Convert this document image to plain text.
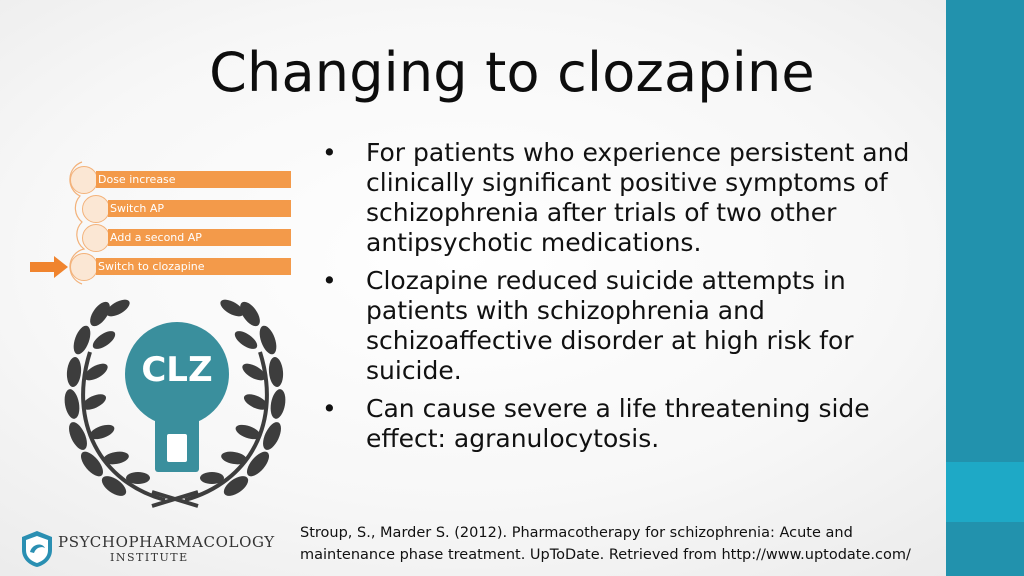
Changing to clozapine
Dose increase
Switch AP
Add a second AP
Switch to clozapine
CLZ
• For patients who experience persistent and clinically significant positive symptoms of schizophrenia after trials of two other antipsychotic medications.
• Clozapine reduced suicide attempts in patients with schizophrenia and schizoaffective disorder at high risk for suicide.
• Can cause severe a life threatening side effect: agranulocytosis.
Stroup, S., Marder S. (2012). Pharmacotherapy for schizophrenia: Acute and maintenance phase treatment. UpToDate. Retrieved from http://www.uptodate.com/
PSYCHOPHARMACOLOGY
INSTITUTE
